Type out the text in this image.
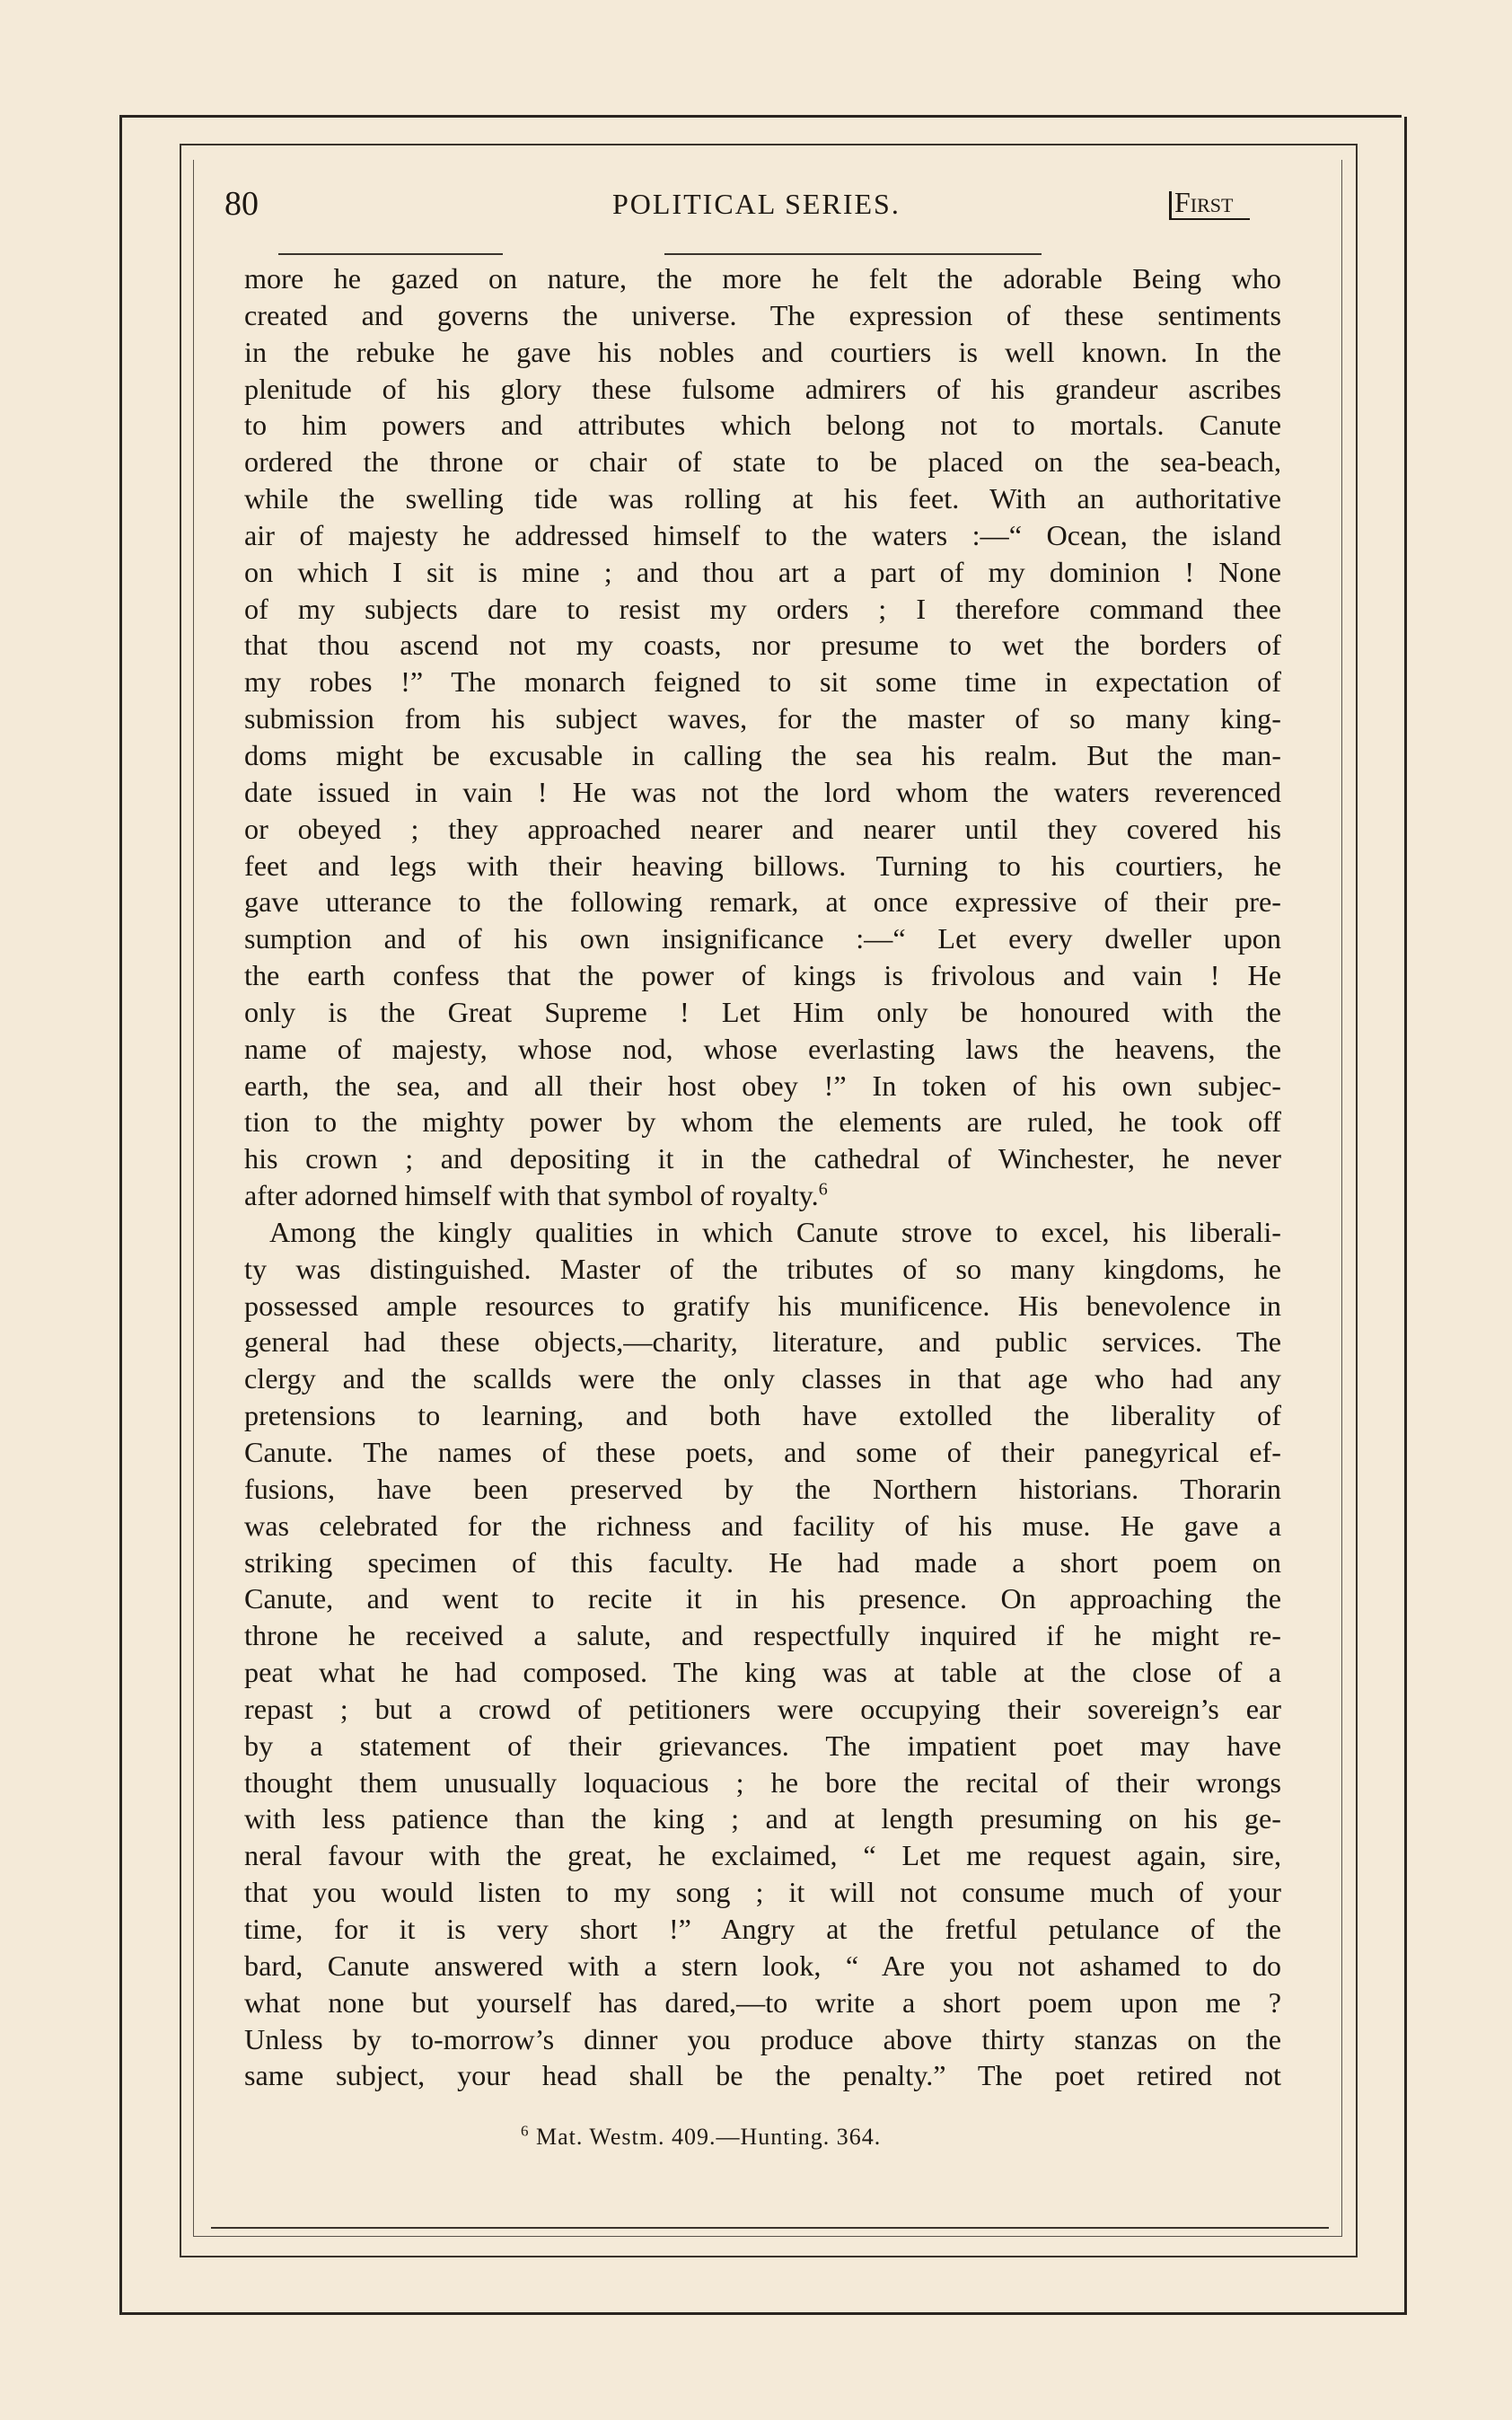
80	POLITICAL SERIES.	First
more he gazed on nature, the more he felt the adorable Being who
created and governs the universe. The expression of these sentiments
in the rebuke he gave his nobles and courtiers is well known. In the
plenitude of his glory these fulsome admirers of his grandeur ascribes
to him powers and attributes which belong not to mortals. Canute
ordered the throne or chair of state to be placed on the sea-beach,
while the swelling tide was rolling at his feet. With an authoritative
air of majesty he addressed himself to the waters :—“ Ocean, the island
on which I sit is mine ; and thou art a part of my dominion ! None
of my subjects dare to resist my orders ; I therefore command thee
that thou ascend not my coasts, nor presume to wet the borders of
my robes !” The monarch feigned to sit some time in expectation of
submission from his subject waves, for the master of so many king-
doms might be excusable in calling the sea his realm. But the man-
date issued in vain ! He was not the lord whom the waters reverenced
or obeyed ; they approached nearer and nearer until they covered his
feet and legs with their heaving billows. Turning to his courtiers, he
gave utterance to the following remark, at once expressive of their pre-
sumption and of his own insignificance :—“ Let every dweller upon
the earth confess that the power of kings is frivolous and vain ! He
only is the Great Supreme ! Let Him only be honoured with the
name of majesty, whose nod, whose everlasting laws the heavens, the
earth, the sea, and all their host obey !” In token of his own subjec-
tion to the mighty power by whom the elements are ruled, he took off
his crown ; and depositing it in the cathedral of Winchester, he never
after adorned himself with that symbol of royalty.$^6$
Among the kingly qualities in which Canute strove to excel, his liberali-
ty was distinguished. Master of the tributes of so many kingdoms, he
possessed ample resources to gratify his munificence. His benevolence in
general had these objects,—charity, literature, and public services. The
clergy and the scallds were the only classes in that age who had any
pretensions to learning, and both have extolled the liberality of
Canute. The names of these poets, and some of their panegyrical ef-
fusions, have been preserved by the Northern historians. Thorarin
was celebrated for the richness and facility of his muse. He gave a
striking specimen of this faculty. He had made a short poem on
Canute, and went to recite it in his presence. On approaching the
throne he received a salute, and respectfully inquired if he might re-
peat what he had composed. The king was at table at the close of a
repast ; but a crowd of petitioners were occupying their sovereign’s ear
by a statement of their grievances. The impatient poet may have
thought them unusually loquacious ; he bore the recital of their wrongs
with less patience than the king ; and at length presuming on his ge-
neral favour with the great, he exclaimed, “ Let me request again, sire,
that you would listen to my song ; it will not consume much of your
time, for it is very short !” Angry at the fretful petulance of the
bard, Canute answered with a stern look, “ Are you not ashamed to do
what none but yourself has dared,—to write a short poem upon me ?
Unless by to-morrow’s dinner you produce above thirty stanzas on the
same subject, your head shall be the penalty.” The poet retired not
$^6$ Mat. Westm. 409.—Hunting. 364.
